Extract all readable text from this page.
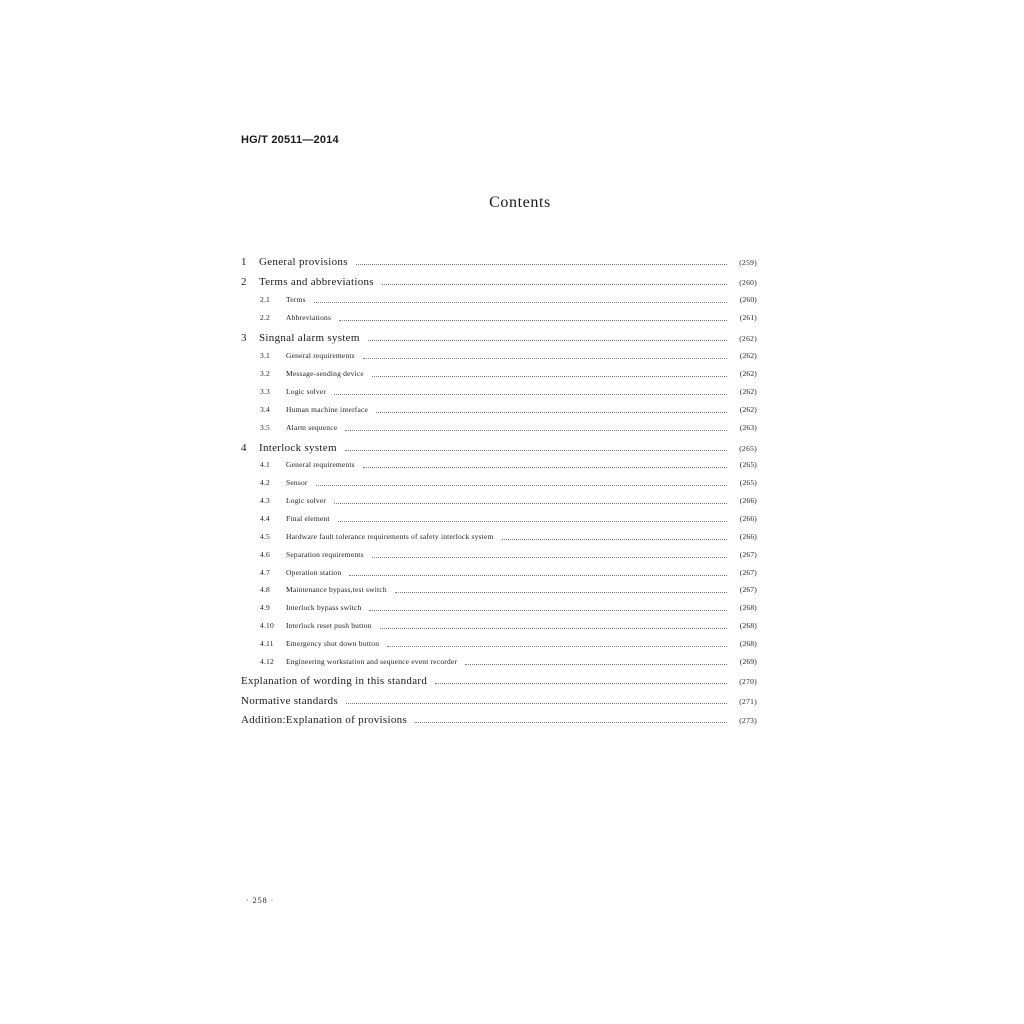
HG/T 20511—2014
Contents
1	General provisions	(259)
2	Terms and abbreviations	(260)
2.1	Terms	(260)
2.2	Abbreviations	(261)
3	Singnal alarm system	(262)
3.1	General requirements	(262)
3.2	Message-sending device	(262)
3.3	Logic solver	(262)
3.4	Human machine interface	(262)
3.5	Alarm sequence	(263)
4	Interlock system	(265)
4.1	General requirements	(265)
4.2	Sensor	(265)
4.3	Logic solver	(266)
4.4	Final element	(266)
4.5	Hardware fault tolerance requirements of safety interlock system	(266)
4.6	Separation requirements	(267)
4.7	Operation station	(267)
4.8	Maintenance bypass,test switch	(267)
4.9	Interlock bypass switch	(268)
4.10	Interlock reset push button	(268)
4.11	Emergency shut down button	(268)
4.12	Engineering workstation and sequence event recorder	(269)
Explanation of wording in this standard	(270)
Normative standards	(271)
Addition:Explanation of provisions	(273)
· 258 ·
